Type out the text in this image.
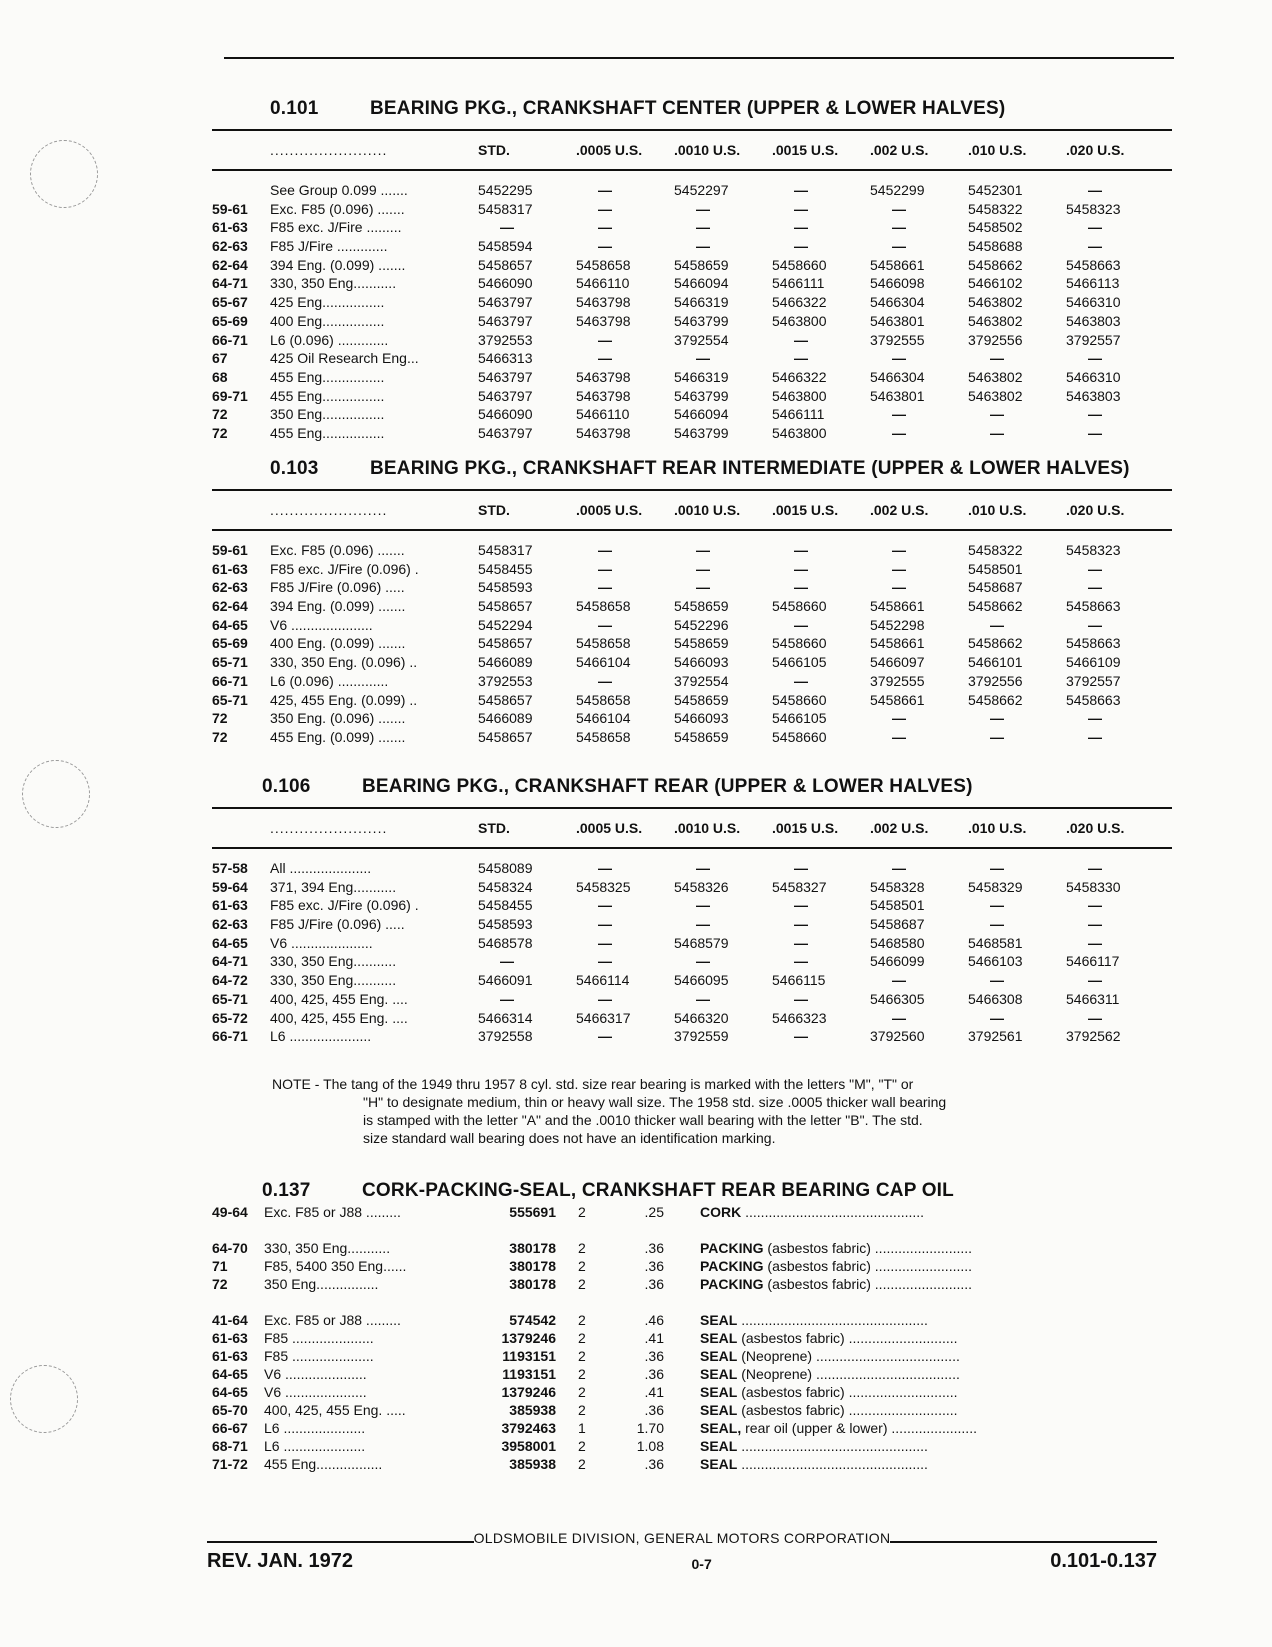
0.101	BEARING PKG., CRANKSHAFT CENTER (UPPER & LOWER HALVES)
........................	STD.	.0005 U.S.	.0010 U.S.	.0015 U.S.	.002 U.S.	.010 U.S.	.020 U.S.
See Group 0.099 .......	5452295	—	5452297	—	5452299	5452301	—
59-61	Exc. F85 (0.096) .......	5458317	—	—	—	—	5458322	5458323
61-63	F85 exc. J/Fire .........	—	—	—	—	—	5458502	—
62-63	F85 J/Fire .............	5458594	—	—	—	—	5458688	—
62-64	394 Eng. (0.099) .......	5458657	5458658	5458659	5458660	5458661	5458662	5458663
64-71	330, 350 Eng...........	5466090	5466110	5466094	5466111	5466098	5466102	5466113
65-67	425 Eng................	5463797	5463798	5466319	5466322	5466304	5463802	5466310
65-69	400 Eng................	5463797	5463798	5463799	5463800	5463801	5463802	5463803
66-71	L6 (0.096) .............	3792553	—	3792554	—	3792555	3792556	3792557
67	425 Oil Research Eng...	5466313	—	—	—	—	—	—
68	455 Eng................	5463797	5463798	5466319	5466322	5466304	5463802	5466310
69-71	455 Eng................	5463797	5463798	5463799	5463800	5463801	5463802	5463803
72	350 Eng................	5466090	5466110	5466094	5466111	—	—	—
72	455 Eng................	5463797	5463798	5463799	5463800	—	—	—
0.103	BEARING PKG., CRANKSHAFT REAR INTERMEDIATE (UPPER & LOWER HALVES)
........................	STD.	.0005 U.S.	.0010 U.S.	.0015 U.S.	.002 U.S.	.010 U.S.	.020 U.S.
59-61	Exc. F85 (0.096) .......	5458317	—	—	—	—	5458322	5458323
61-63	F85 exc. J/Fire (0.096) .	5458455	—	—	—	—	5458501	—
62-63	F85 J/Fire (0.096) .....	5458593	—	—	—	—	5458687	—
62-64	394 Eng. (0.099) .......	5458657	5458658	5458659	5458660	5458661	5458662	5458663
64-65	V6 .....................	5452294	—	5452296	—	5452298	—	—
65-69	400 Eng. (0.099) .......	5458657	5458658	5458659	5458660	5458661	5458662	5458663
65-71	330, 350 Eng. (0.096) ..	5466089	5466104	5466093	5466105	5466097	5466101	5466109
66-71	L6 (0.096) .............	3792553	—	3792554	—	3792555	3792556	3792557
65-71	425, 455 Eng. (0.099) ..	5458657	5458658	5458659	5458660	5458661	5458662	5458663
72	350 Eng. (0.096) .......	5466089	5466104	5466093	5466105	—	—	—
72	455 Eng. (0.099) .......	5458657	5458658	5458659	5458660	—	—	—
0.106	BEARING PKG., CRANKSHAFT REAR (UPPER & LOWER HALVES)
........................	STD.	.0005 U.S.	.0010 U.S.	.0015 U.S.	.002 U.S.	.010 U.S.	.020 U.S.
57-58	All .....................	5458089	—	—	—	—	—	—
59-64	371, 394 Eng...........	5458324	5458325	5458326	5458327	5458328	5458329	5458330
61-63	F85 exc. J/Fire (0.096) .	5458455	—	—	—	5458501	—	—
62-63	F85 J/Fire (0.096) .....	5458593	—	—	—	5458687	—	—
64-65	V6 .....................	5468578	—	5468579	—	5468580	5468581	—
64-71	330, 350 Eng...........	—	—	—	—	5466099	5466103	5466117
64-72	330, 350 Eng...........	5466091	5466114	5466095	5466115	—	—	—
65-71	400, 425, 455 Eng. ....	—	—	—	—	5466305	5466308	5466311
65-72	400, 425, 455 Eng. ....	5466314	5466317	5466320	5466323	—	—	—
66-71	L6 .....................	3792558	—	3792559	—	3792560	3792561	3792562
NOTE - The tang of the 1949 thru 1957 8 cyl. std. size rear bearing is marked with the letters "M", "T" or
"H" to designate medium, thin or heavy wall size. The 1958 std. size .0005 thicker wall bearing
is stamped with the letter "A" and the .0010 thicker wall bearing with the letter "B". The std.
size standard wall bearing does not have an identification marking.
0.137	CORK-PACKING-SEAL, CRANKSHAFT REAR BEARING CAP OIL
49-64	Exc. F85 or J88 .........	555691	2	.25	CORK ..............................................
64-70	330, 350 Eng...........	380178	2	.36	PACKING (asbestos fabric) .........................
71	F85, 5400 350 Eng......	380178	2	.36	PACKING (asbestos fabric) .........................
72	350 Eng................	380178	2	.36	PACKING (asbestos fabric) .........................
41-64	Exc. F85 or J88 .........	574542	2	.46	SEAL ................................................
61-63	F85 .....................	1379246	2	.41	SEAL (asbestos fabric) ............................
61-63	F85 .....................	1193151	2	.36	SEAL (Neoprene) .....................................
64-65	V6 .....................	1193151	2	.36	SEAL (Neoprene) .....................................
64-65	V6 .....................	1379246	2	.41	SEAL (asbestos fabric) ............................
65-70	400, 425, 455 Eng. .....	385938	2	.36	SEAL (asbestos fabric) ............................
66-67	L6 .....................	3792463	1	1.70	SEAL, rear oil (upper & lower) ......................
68-71	L6 .....................	3958001	2	1.08	SEAL ................................................
71-72	455 Eng.................	385938	2	.36	SEAL ................................................
OLDSMOBILE DIVISION, GENERAL MOTORS CORPORATION
REV. JAN. 1972	0-7	0.101-0.137
